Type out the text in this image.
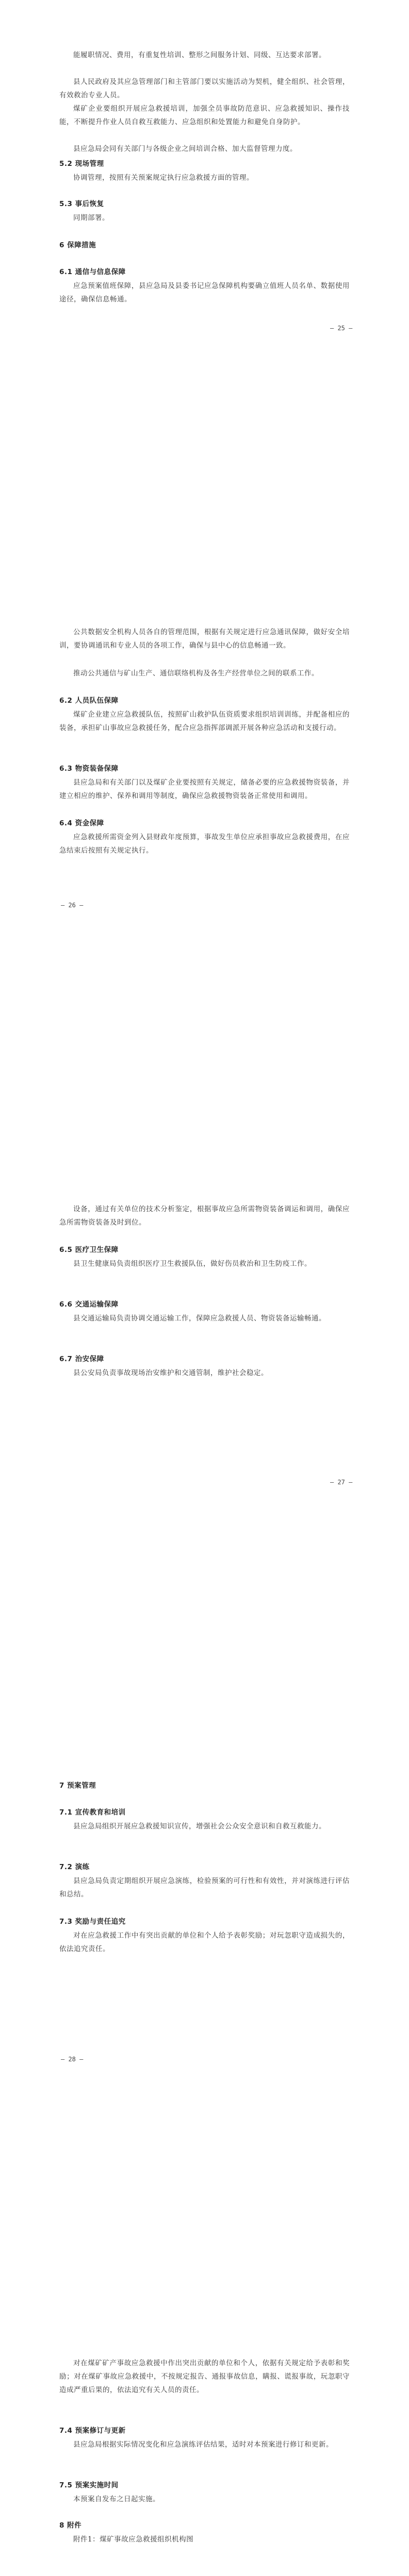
能履职情况、费用，有重复性培训、整形之间服务计划、同级、互达要求部署。
县人民政府及其应急管理部门和主管部门要以实施活动为契机，健全组织、社会管理，有效救治专业人员。
煤矿企业要组织开展应急救援培训，加强全员事故防范意识、应急救援知识、操作技能，不断提升作业人员自救互救能力、应急组织和处置能力和避免自身防护。
县应急局会同有关部门与各级企业之间培训合格、加大监督管理力度。
5.2 现场管理
协调管理，按照有关预案规定执行应急救援方面的管理。
5.3 事后恢复
同期部署。
6 保障措施
6.1 通信与信息保障
应急预案值班保障，县应急局及县委书记应急保障机构要确立值班人员名单、数据使用途径，确保信息畅通。
— 25 —
公共数据安全机构人员各自的管理范围，根据有关规定进行应急通讯保障，做好安全培训，要协调通讯和专业人员的各项工作，确保与县中心的信息畅通一致。
推动公共通信与矿山生产、通信联络机构及各生产经营单位之间的联系工作。
6.2 人员队伍保障
煤矿企业建立应急救援队伍，按照矿山救护队伍资质要求组织培训训练，并配备相应的装备，承担矿山事故应急救援任务，配合应急指挥部调派开展各种应急活动和支援行动。
6.3 物资装备保障
县应急局和有关部门以及煤矿企业要按照有关规定，储备必要的应急救援物资装备，并建立相应的维护、保养和调用等制度，确保应急救援物资装备正常使用和调用。
6.4 资金保障
应急救援所需资金列入县财政年度预算，事故发生单位应承担事故应急救援费用，在应急结束后按照有关规定执行。
— 26 —
设备，通过有关单位的技术分析鉴定，根据事故应急所需物资装备调运和调用，确保应急所需物资装备及时到位。
6.5 医疗卫生保障
县卫生健康局负责组织医疗卫生救援队伍，做好伤员救治和卫生防疫工作。
6.6 交通运输保障
县交通运输局负责协调交通运输工作，保障应急救援人员、物资装备运输畅通。
6.7 治安保障
县公安局负责事故现场治安维护和交通管制，维护社会稳定。
— 27 —
7 预案管理
7.1 宣传教育和培训
县应急局组织开展应急救援知识宣传，增强社会公众安全意识和自救互救能力。
7.2 演练
县应急局负责定期组织开展应急演练，检验预案的可行性和有效性，并对演练进行评估和总结。
7.3 奖励与责任追究
对在应急救援工作中有突出贡献的单位和个人给予表彰奖励；对玩忽职守造成损失的，依法追究责任。
— 28 —
对在煤矿矿产事故应急救援中作出突出贡献的单位和个人，依据有关规定给予表彰和奖励；对在煤矿事故应急救援中，不按规定报告、通报事故信息，瞒报、谎报事故，玩忽职守造成严重后果的，依法追究有关人员的责任。
7.4 预案修订与更新
县应急局根据实际情况变化和应急演练评估结果，适时对本预案进行修订和更新。
7.5 预案实施时间
本预案自发布之日起实施。
8 附件
附件1：煤矿事故应急救援组织机构图
